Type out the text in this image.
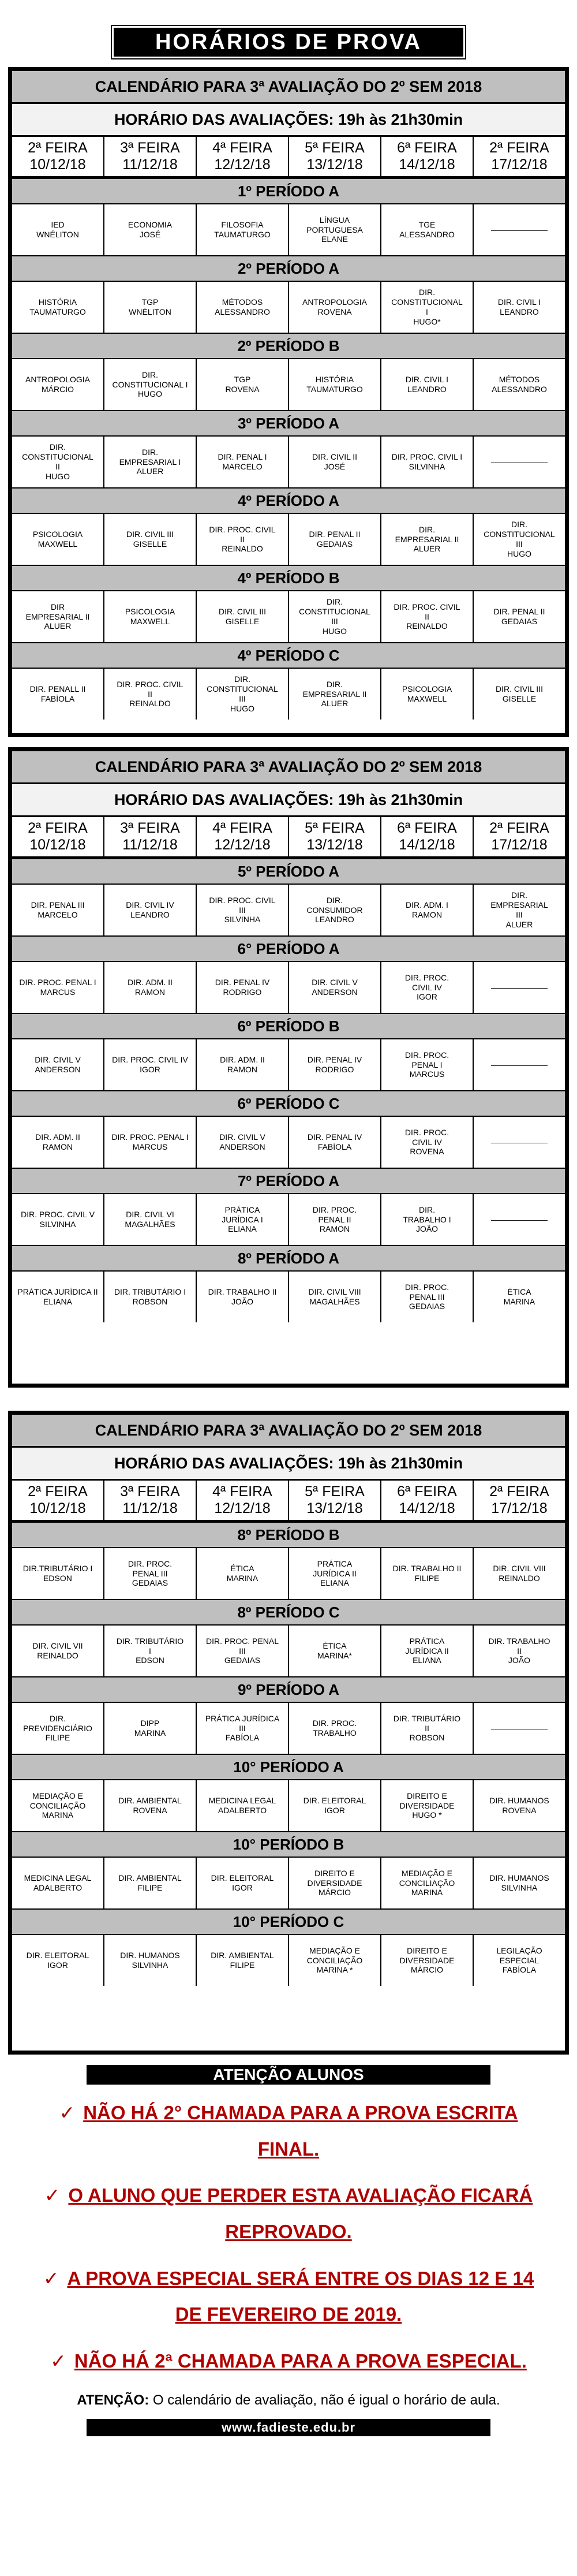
HORÁRIOS DE PROVA
CALENDÁRIO PARA 3ª AVALIAÇÃO DO 2º SEM 2018
HORÁRIO DAS AVALIAÇÕES: 19h às 21h30min
2ª FEIRA
10/12/18
3ª FEIRA
11/12/18
4ª FEIRA
12/12/18
5ª FEIRA
13/12/18
6ª FEIRA
14/12/18
2ª FEIRA
17/12/18
1º PERÍODO A
IED
WNÉLITON
ECONOMIA
JOSÉ
FILOSOFIA
TAUMATURGO
LÍNGUA
PORTUGUESA
ELANE
TGE
ALESSANDRO
———————
2º PERÍODO A
HISTÓRIA
TAUMATURGO
TGP
WNÉLITON
MÉTODOS
ALESSANDRO
ANTROPOLOGIA
ROVENA
DIR.
CONSTITUCIONAL
I
HUGO*
DIR. CIVIL I
LEANDRO
2º PERÍODO B
ANTROPOLOGIA
MÁRCIO
DIR.
CONSTITUCIONAL I
HUGO
TGP
ROVENA
HISTÓRIA
TAUMATURGO
DIR. CIVIL I
LEANDRO
MÉTODOS
ALESSANDRO
3º PERÍODO A
DIR.
CONSTITUCIONAL
II
HUGO
DIR.
EMPRESARIAL I
ALUER
DIR. PENAL I
MARCELO
DIR. CIVIL II
JOSÉ
DIR. PROC. CIVIL I
SILVINHA
———————
4º PERÍODO A
PSICOLOGIA
MAXWELL
DIR. CIVIL III
GISELLE
DIR. PROC. CIVIL
II
REINALDO
DIR. PENAL II
GEDAIAS
DIR.
EMPRESARIAL II
ALUER
DIR.
CONSTITUCIONAL
III
HUGO
4º PERÍODO B
DIR
EMPRESARIAL II
ALUER
PSICOLOGIA
MAXWELL
DIR. CIVIL III
GISELLE
DIR.
CONSTITUCIONAL
III
HUGO
DIR. PROC. CIVIL
II
REINALDO
DIR. PENAL II
GEDAIAS
4º PERÍODO C
DIR. PENALL II
FABÍOLA
DIR. PROC. CIVIL
II
REINALDO
DIR.
CONSTITUCIONAL
III
HUGO
DIR.
EMPRESARIAL II
ALUER
PSICOLOGIA
MAXWELL
DIR. CIVIL III
GISELLE
CALENDÁRIO PARA 3ª AVALIAÇÃO DO 2º SEM 2018
HORÁRIO DAS AVALIAÇÕES: 19h às 21h30min
2ª FEIRA
10/12/18
3ª FEIRA
11/12/18
4ª FEIRA
12/12/18
5ª FEIRA
13/12/18
6ª FEIRA
14/12/18
2ª FEIRA
17/12/18
5º PERÍODO A
DIR. PENAL III
MARCELO
DIR. CIVIL IV
LEANDRO
DIR. PROC. CIVIL
III
SILVINHA
DIR.
CONSUMIDOR
LEANDRO
DIR. ADM. I
RAMON
DIR.
EMPRESARIAL
III
ALUER
6° PERÍODO A
DIR. PROC. PENAL I
MARCUS
DIR. ADM. II
RAMON
DIR. PENAL IV
RODRIGO
DIR. CIVIL V
ANDERSON
DIR. PROC.
CIVIL IV
IGOR
———————
6º PERÍODO B
DIR. CIVIL V
ANDERSON
DIR. PROC. CIVIL IV
IGOR
DIR. ADM. II
RAMON
DIR. PENAL IV
RODRIGO
DIR. PROC.
PENAL I
MARCUS
———————
6º PERÍODO C
DIR. ADM. II
RAMON
DIR. PROC. PENAL I
MARCUS
DIR. CIVIL V
ANDERSON
DIR. PENAL IV
FABÍOLA
DIR. PROC.
CIVIL IV
ROVENA
———————
7º PERÍODO A
DIR. PROC. CIVIL V
SILVINHA
DIR. CIVIL VI
MAGALHÃES
PRÁTICA
JURÍDICA I
ELIANA
DIR. PROC.
PENAL II
RAMON
DIR.
TRABALHO I
JOÃO
———————
8º PERÍODO A
PRÁTICA JURÍDICA II
ELIANA
DIR. TRIBUTÁRIO I
ROBSON
DIR. TRABALHO II
JOÃO
DIR. CIVIL VIII
MAGALHÃES
DIR. PROC.
PENAL III
GEDAIAS
ÉTICA
MARINA
CALENDÁRIO PARA 3ª AVALIAÇÃO DO 2º SEM 2018
HORÁRIO DAS AVALIAÇÕES: 19h às 21h30min
2ª FEIRA
10/12/18
3ª FEIRA
11/12/18
4ª FEIRA
12/12/18
5ª FEIRA
13/12/18
6ª FEIRA
14/12/18
2ª FEIRA
17/12/18
8º PERÍODO B
DIR.TRIBUTÁRIO I
EDSON
DIR. PROC.
PENAL III
GEDAIAS
ÉTICA
MARINA
PRÁTICA
JURÍDICA II
ELIANA
DIR. TRABALHO II
FILIPE
DIR. CIVIL VIII
REINALDO
8º PERÍODO C
DIR. CIVIL VII
REINALDO
DIR. TRIBUTÁRIO
I
EDSON
DIR. PROC. PENAL
III
GEDAIAS
ÉTICA
MARINA*
PRÁTICA
JURÍDICA II
ELIANA
DIR. TRABALHO
II
JOÃO
9º PERÍODO A
DIR.
PREVIDENCIÁRIO
FILIPE
DIPP
MARINA
PRÁTICA JURÍDICA
III
FABÍOLA
DIR. PROC.
TRABALHO
DIR. TRIBUTÁRIO
II
ROBSON
———————
10° PERÍODO A
MEDIAÇÃO E
CONCILIAÇÃO
MARINA
DIR. AMBIENTAL
ROVENA
MEDICINA LEGAL
ADALBERTO
DIR. ELEITORAL
IGOR
DIREITO E
DIVERSIDADE
HUGO *
DIR. HUMANOS
ROVENA
10° PERÍODO B
MEDICINA LEGAL
ADALBERTO
DIR. AMBIENTAL
FILIPE
DIR. ELEITORAL
IGOR
DIREITO E
DIVERSIDADE
MÁRCIO
MEDIAÇÃO E
CONCILIAÇÃO
MARINA
DIR. HUMANOS
SILVINHA
10° PERÍODO C
DIR. ELEITORAL
IGOR
DIR. HUMANOS
SILVINHA
DIR. AMBIENTAL
FILIPE
MEDIAÇÃO E
CONCILIAÇÃO
MARINA *
DIREITO E
DIVERSIDADE
MÁRCIO
LEGILAÇÃO
ESPECIAL
FABÍOLA
ATENÇÃO ALUNOS
✓ NÃO HÁ 2° CHAMADA PARA A PROVA ESCRITA FINAL.
✓ O ALUNO QUE PERDER ESTA AVALIAÇÃO FICARÁ REPROVADO.
✓ A PROVA ESPECIAL SERÁ ENTRE OS DIAS 12 E 14 DE FEVEREIRO DE 2019.
✓ NÃO HÁ 2ª CHAMADA PARA A PROVA ESPECIAL.
ATENÇÃO: O calendário de avaliação, não é igual o horário de aula.
www.fadieste.edu.br
